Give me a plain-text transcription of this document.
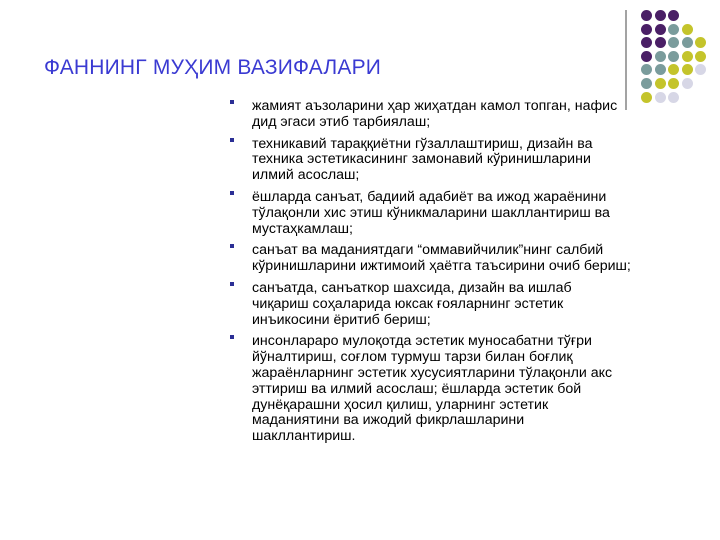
ФАННИНГ МУҲИМ ВАЗИФАЛАРИ
жамият аъзоларини ҳар жиҳатдан камол топган, нафис
дид эгаси этиб тарбиялаш;
техникавий тараққиётни гўзаллаштириш, дизайн ва
техника эстетикасининг замонавий кўринишларини
илмий асослаш;
ёшларда санъат, бадиий адабиёт ва ижод жараёнини
тўлақонли хис этиш кўникмаларини шакллантириш ва
мустаҳкамлаш;
санъат ва маданиятдаги “оммавийчилик”нинг салбий
кўринишларини ижтимоий ҳаётга таъсирини очиб бериш;
санъатда, санъаткор шахсида, дизайн ва ишлаб
чиқариш соҳаларида юксак ғояларнинг эстетик
инъикосини ёритиб бериш;
инсонлараро мулоқотда эстетик муносабатни тўғри
йўналтириш, соғлом турмуш тарзи билан боғлиқ
жараёнларнинг эстетик хусусиятларини тўлақонли акс
эттириш ва илмий асослаш; ёшларда эстетик бой
дунёқарашни ҳосил қилиш, уларнинг эстетик
маданиятини ва ижодий фикрлашларини
шакллантириш.
